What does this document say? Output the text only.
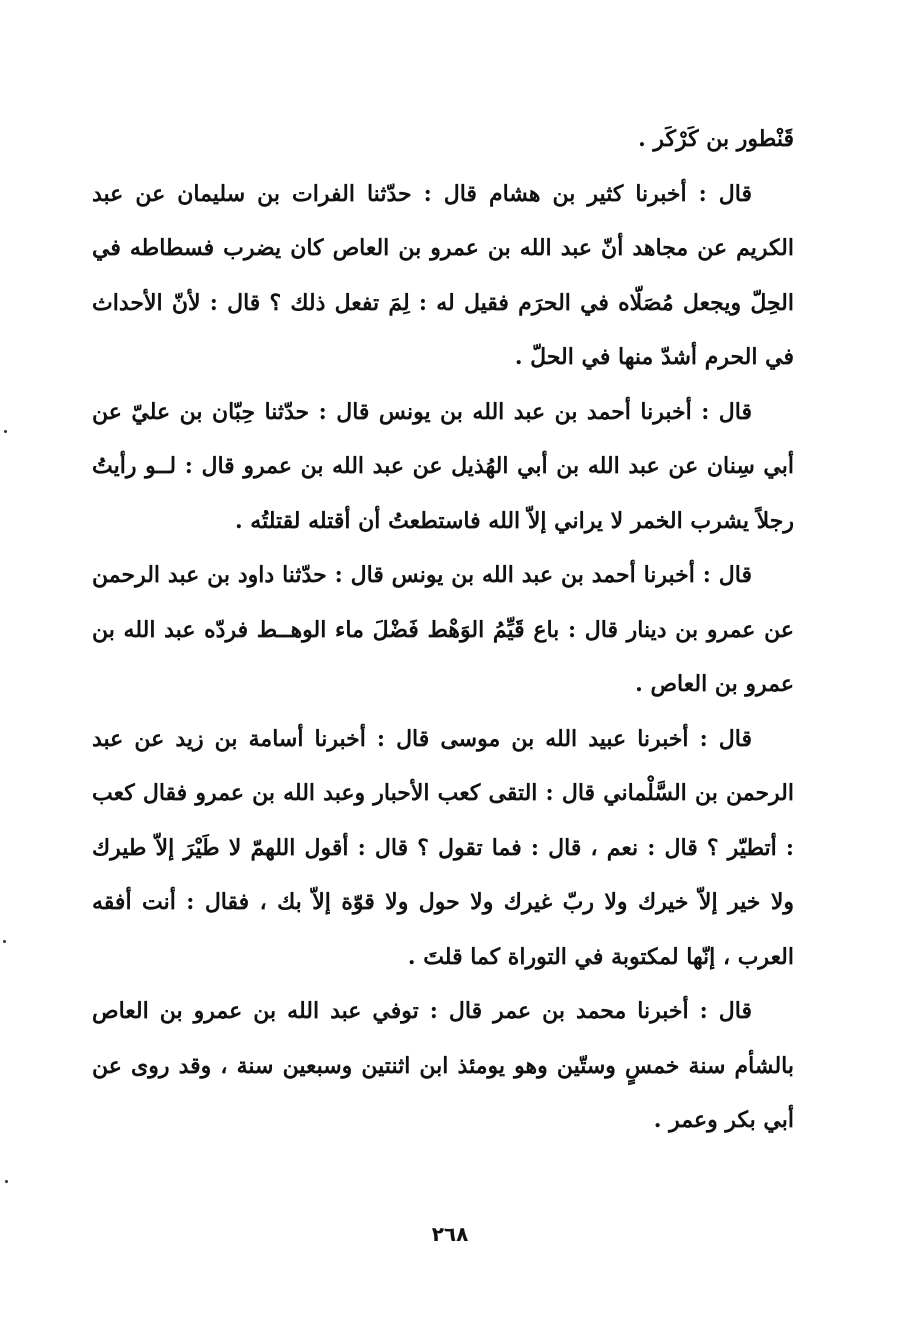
قَنْطور بن كَرْكَر .

قال : أخبرنا كثير بن هشام قال : حدّثنا الفرات بن سليمان عن عبد الكريم عن مجاهد أنّ عبد الله بن عمرو بن العاص كان يضرب فسطاطه في الحِلّ ويجعل مُصَلّاه في الحرَم فقيل له : لِمَ تفعل ذلك ؟ قال : لأنّ الأحداث في الحرم أشدّ منها في الحلّ .

قال : أخبرنا أحمد بن عبد الله بن يونس قال : حدّثنا حِبّان بن عليّ عن أبي سِنان عن عبد الله بن أبي الهُذيل عن عبد الله بن عمرو قال : لــو رأيتُ رجلاً يشرب الخمر لا يراني إلاّ الله فاستطعتُ أن أقتله لقتلتُه .

قال : أخبرنا أحمد بن عبد الله بن يونس قال : حدّثنا داود بن عبد الرحمن عن عمرو بن دينار قال : باع قَيِّمُ الوَهْط فَضْلَ ماء الوهــط فردّه عبد الله بن عمرو بن العاص .

قال : أخبرنا عبيد الله بن موسى قال : أخبرنا أسامة بن زيد عن عبد الرحمن بن السَّلْماني قال : التقى كعب الأحبار وعبد الله بن عمرو فقال كعب : أتطيّر ؟ قال : نعم ، قال : فما تقول ؟ قال : أقول اللهمّ لا طَيْرَ إلاّ طيرك ولا خير إلاّ خيرك ولا ربّ غيرك ولا حول ولا قوّة إلاّ بك ، فقال : أنت أفقه العرب ، إنّها لمكتوبة في التوراة كما قلتَ .

قال : أخبرنا محمد بن عمر قال : توفي عبد الله بن عمرو بن العاص بالشأم سنة خمسٍ وستّين وهو يومئذ ابن اثنتين وسبعين سنة ، وقد روى عن أبي بكر وعمر .

٢٦٨
